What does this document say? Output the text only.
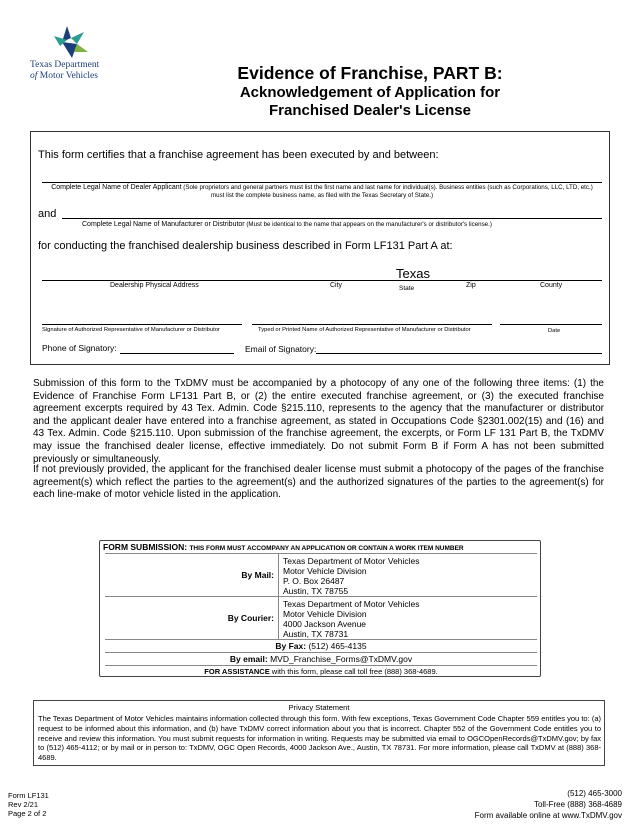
Texas Department
of Motor Vehicles	Evidence of Franchise, PART B:
Acknowledgement of Application for
Franchised Dealer's License
This form certifies that a franchise agreement has been executed by and between:
Complete Legal Name of Dealer Applicant (Sole proprietors and general partners must list the first name and last name for individual(s). Business entities (such as Corporations, LLC, LTD, etc.)
must list the complete business name, as filed with the Texas Secretary of State.)
and
Complete Legal Name of Manufacturer or Distributor (Must be identical to the name that appears on the manufacturer's or distributor's license.)
for conducting the franchised dealership business described in Form LF131 Part A at:
Texas
Dealership Physical Address	City	State	Zip	County
Signature of Authorized Representative of Manufacturer or Distributor	Typed or Printed Name of Authorized Representative of Manufacturer or Distributor	Date
Phone of Signatory:	Email of Signatory:
Submission of this form to the TxDMV must be accompanied by a photocopy of any one of the following three items: (1) the Evidence of Franchise Form LF131 Part B, or (2) the entire executed franchise agreement, or (3) the executed franchise agreement excerpts required by 43 Tex. Admin. Code §215.110, represents to the agency that the manufacturer or distributor and the applicant dealer have entered into a franchise agreement, as stated in Occupations Code §2301.002(15) and (16) and 43 Tex. Admin. Code §215.110. Upon submission of the franchise agreement, the excerpts, or Form LF 131 Part B, the TxDMV may issue the franchised dealer license, effective immediately. Do not submit Form B if Form A has not been submitted previously or simultaneously.
If not previously provided, the applicant for the franchised dealer license must submit a photocopy of the pages of the franchise agreement(s) which reflect the parties to the agreement(s) and the authorized signatures of the parties to the agreement(s) for each line-make of motor vehicle listed in the application.
FORM SUBMISSION: THIS FORM MUST ACCOMPANY AN APPLICATION OR CONTAIN A WORK ITEM NUMBER
By Mail:
Texas Department of Motor Vehicles
Motor Vehicle Division
P. O. Box 26487
Austin, TX 78755
By Courier:
Texas Department of Motor Vehicles
Motor Vehicle Division
4000 Jackson Avenue
Austin, TX 78731
By Fax: (512) 465-4135
By email: MVD_Franchise_Forms@TxDMV.gov
FOR ASSISTANCE with this form, please call toll free (888) 368-4689.
Privacy Statement
The Texas Department of Motor Vehicles maintains information collected through this form. With few exceptions, Texas Government Code Chapter 559 entitles you to: (a) request to be informed about this information, and (b) have TxDMV correct information about you that is incorrect. Chapter 552 of the Government Code entitles you to receive and review this information. You must submit requests for information in writing. Requests may be submitted via email to OGCOpenRecords@TxDMV.gov; by fax to (512) 465-4112; or by mail or in person to: TxDMV, OGC Open Records, 4000 Jackson Ave., Austin, TX 78731. For more information, please call TxDMV at (888) 368-4689.
Form LF131
Rev 2/21
Page 2 of 2
(512) 465-3000
Toll-Free (888) 368-4689
Form available online at www.TxDMV.gov
